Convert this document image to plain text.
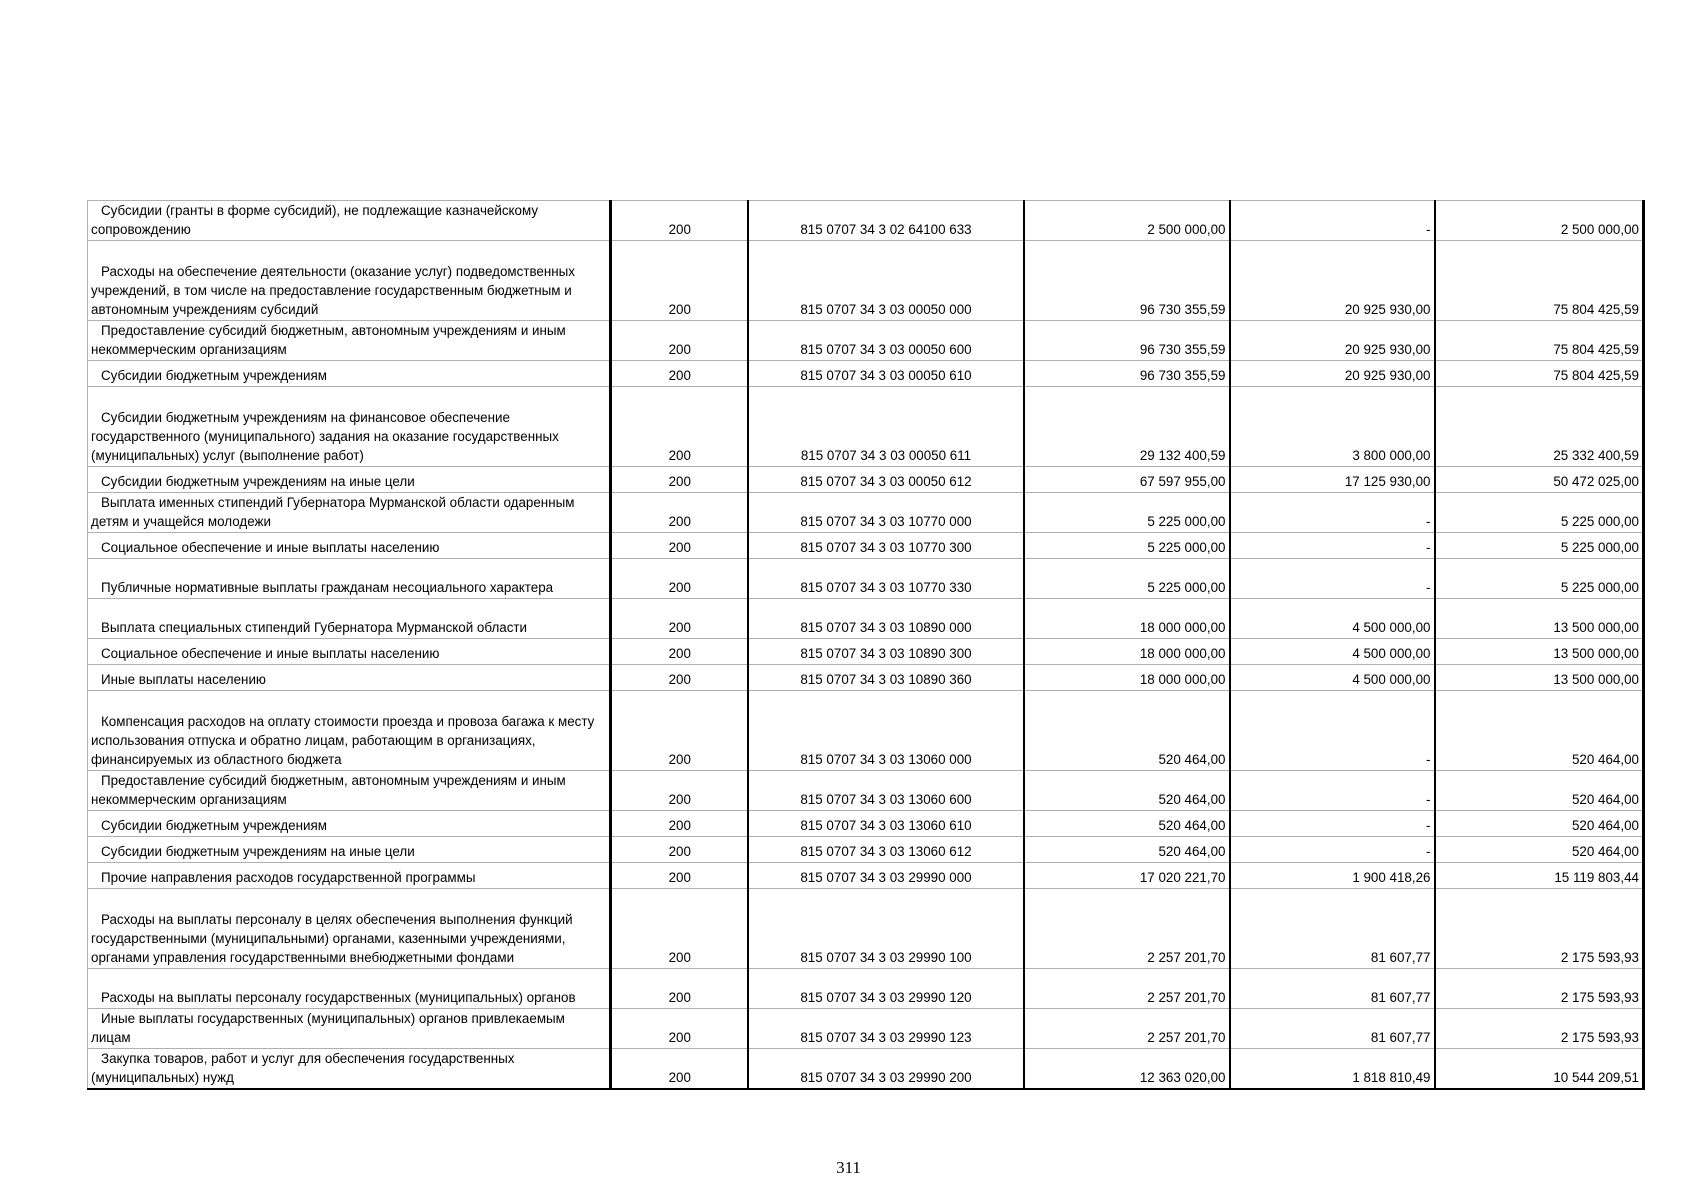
Субсидии (гранты в форме субсидий), не подлежащие казначейскому сопровождению	200	815 0707 34 3 02 64100 633	2 500 000,00	-	2 500 000,00

Расходы на обеспечение деятельности (оказание услуг) подведомственных учреждений, в том числе на предоставление государственным бюджетным и автономным учреждениям субсидий	200	815 0707 34 3 03 00050 000	96 730 355,59	20 925 930,00	75 804 425,59

Предоставление субсидий бюджетным, автономным учреждениям и иным некоммерческим организациям	200	815 0707 34 3 03 00050 600	96 730 355,59	20 925 930,00	75 804 425,59

Субсидии бюджетным учреждениям	200	815 0707 34 3 03 00050 610	96 730 355,59	20 925 930,00	75 804 425,59

Субсидии бюджетным учреждениям на финансовое обеспечение государственного (муниципального) задания на оказание государственных (муниципальных) услуг (выполнение работ)	200	815 0707 34 3 03 00050 611	29 132 400,59	3 800 000,00	25 332 400,59

Субсидии бюджетным учреждениям на иные цели	200	815 0707 34 3 03 00050 612	67 597 955,00	17 125 930,00	50 472 025,00

Выплата именных стипендий Губернатора Мурманской области одаренным детям и учащейся молодежи	200	815 0707 34 3 03 10770 000	5 225 000,00	-	5 225 000,00

Социальное обеспечение и иные выплаты населению	200	815 0707 34 3 03 10770 300	5 225 000,00	-	5 225 000,00

Публичные нормативные выплаты гражданам несоциального характера	200	815 0707 34 3 03 10770 330	5 225 000,00	-	5 225 000,00

Выплата специальных стипендий Губернатора Мурманской области	200	815 0707 34 3 03 10890 000	18 000 000,00	4 500 000,00	13 500 000,00

Социальное обеспечение и иные выплаты населению	200	815 0707 34 3 03 10890 300	18 000 000,00	4 500 000,00	13 500 000,00

Иные выплаты населению	200	815 0707 34 3 03 10890 360	18 000 000,00	4 500 000,00	13 500 000,00

Компенсация расходов на оплату стоимости проезда и провоза багажа к месту использования отпуска и обратно лицам, работающим в организациях, финансируемых из областного бюджета	200	815 0707 34 3 03 13060 000	520 464,00	-	520 464,00

Предоставление субсидий бюджетным, автономным учреждениям и иным некоммерческим организациям	200	815 0707 34 3 03 13060 600	520 464,00	-	520 464,00

Субсидии бюджетным учреждениям	200	815 0707 34 3 03 13060 610	520 464,00	-	520 464,00

Субсидии бюджетным учреждениям на иные цели	200	815 0707 34 3 03 13060 612	520 464,00	-	520 464,00

Прочие направления расходов государственной программы	200	815 0707 34 3 03 29990 000	17 020 221,70	1 900 418,26	15 119 803,44

Расходы на выплаты персоналу в целях обеспечения выполнения функций государственными (муниципальными) органами, казенными учреждениями, органами управления государственными внебюджетными фондами	200	815 0707 34 3 03 29990 100	2 257 201,70	81 607,77	2 175 593,93

Расходы на выплаты персоналу государственных (муниципальных) органов	200	815 0707 34 3 03 29990 120	2 257 201,70	81 607,77	2 175 593,93

Иные выплаты государственных (муниципальных) органов привлекаемым лицам	200	815 0707 34 3 03 29990 123	2 257 201,70	81 607,77	2 175 593,93

Закупка товаров, работ и услуг для обеспечения государственных (муниципальных) нужд	200	815 0707 34 3 03 29990 200	12 363 020,00	1 818 810,49	10 544 209,51
311
